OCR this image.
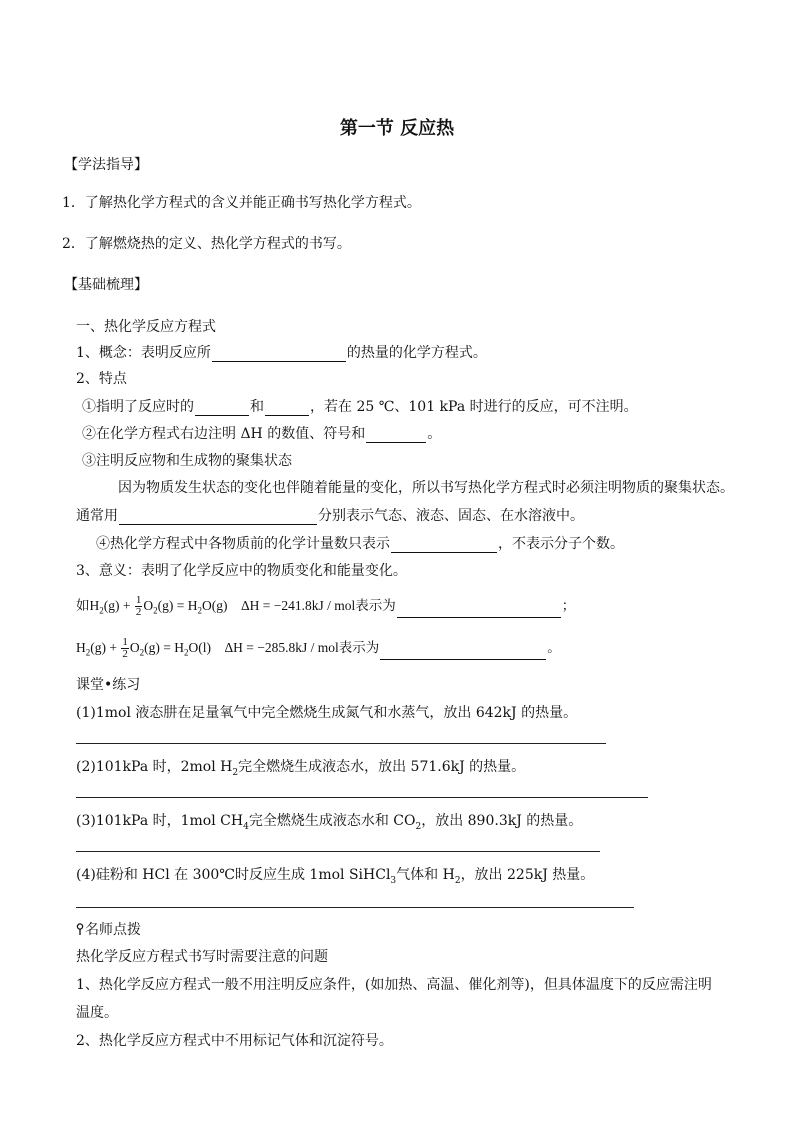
第一节 反应热
【学法指导】
1．了解热化学方程式的含义并能正确书写热化学方程式。
2．了解燃烧热的定义、热化学方程式的书写。
【基础梳理】
一、热化学反应方程式
1、概念：表明反应所	的热量的化学方程式。
2、特点
①指明了反应时的	和	，若在 25 ℃、101 kPa 时进行的反应，可不注明。
②在化学方程式右边注明 ΔH 的数值、符号和	。
③注明反应物和生成物的聚集状态
因为物质发生状态的变化也伴随着能量的变化，所以书写热化学方程式时必须注明物质的聚集状态。
通常用	分别表示气态、液态、固态、在水溶液中。
④热化学方程式中各物质前的化学计量数只表示	，不表示分子个数。
3、意义：表明了化学反应中的物质变化和能量变化。
如$H_2(g) + \frac{1}{2} O_2(g) = H_2O(g)$    ΔH = −241.8kJ / mol表示为	；
$H_2(g) + \frac{1}{2} O_2(g) = H_2O(l)$    ΔH = −285.8kJ / mol表示为	。
课堂•练习
(1)1mol 液态肼在足量氧气中完全燃烧生成氮气和水蒸气，放出 642kJ 的热量。
(2)101kPa 时，2mol $H_2$完全燃烧生成液态水，放出 571.6kJ 的热量。
(3)101kPa 时，1mol $CH_4$完全燃烧生成液态水和 $CO_2$，放出 890.3kJ 的热量。
(4)硅粉和 HCl 在 300℃时反应生成 1mol SiHCl$_3$气体和 $H_2$，放出 225kJ 热量。
名师点拨
热化学反应方程式书写时需要注意的问题
1、热化学反应方程式一般不用注明反应条件，(如加热、高温、催化剂等)，但具体温度下的反应需注明
温度。
2、热化学反应方程式中不用标记气体和沉淀符号。
